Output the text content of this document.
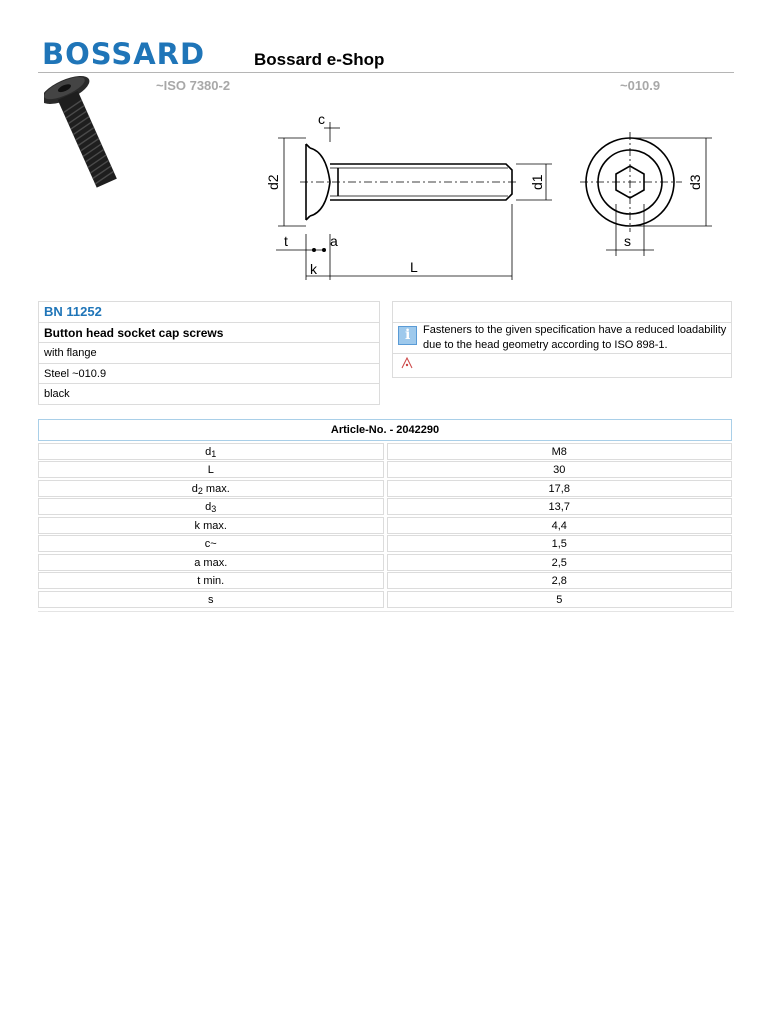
BOSSARD	Bossard e-Shop
~ISO 7380-2	~010.9
c
d2	d1	d3
t	a
k	L
s
BN 11252
Button head socket cap screws
with flange
Steel ~010.9
black
i Fasteners to the given specification have a reduced loadability due to the head geometry according to ISO 898-1.
Article-No. - 2042290
$d_1$	M8
L	30
$d_2$ max.	17,8
$d_3$	13,7
k max.	4,4
c~	1,5
a max.	2,5
t min.	2,8
s	5
